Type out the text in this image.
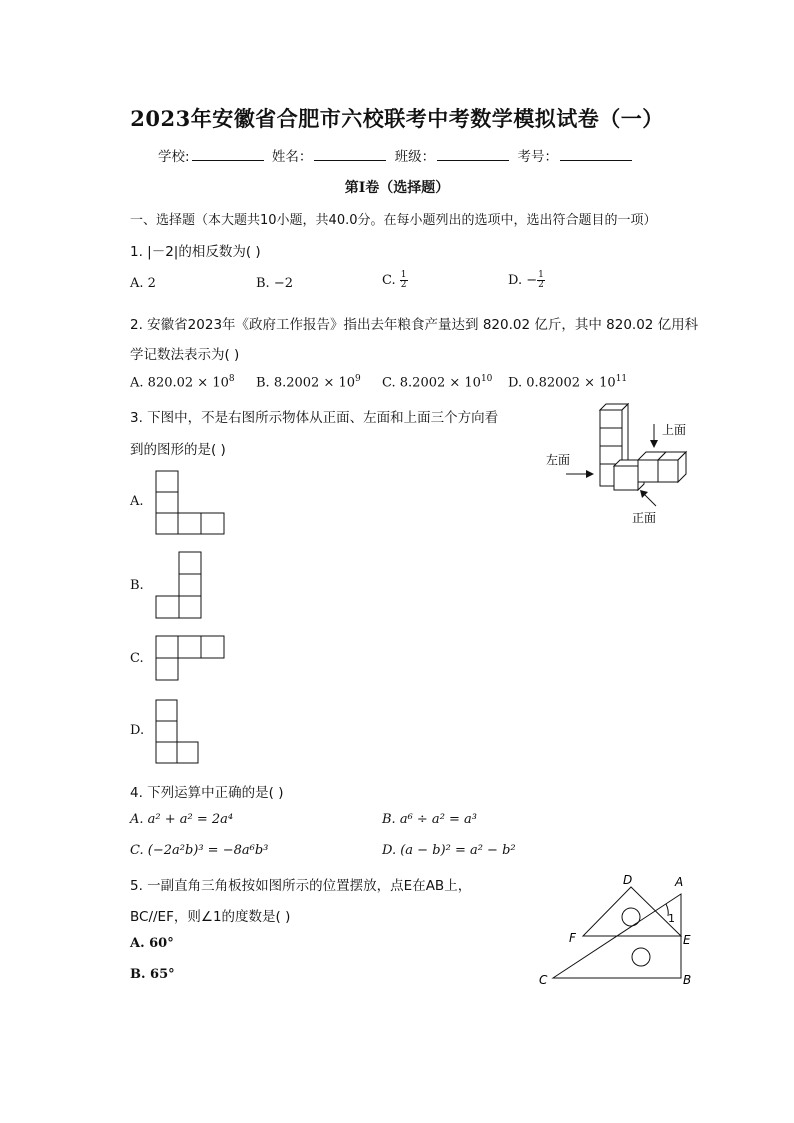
2023年安徽省合肥市六校联考中考数学模拟试卷（一）
学校:	姓名：	班级：	考号：
第I卷（选择题）
一、选择题（本大题共10小题，共40.0分。在每小题列出的选项中，选出符合题目的一项）
1. |－2|的相反数为( )
A. 2	B. −2	C. $\frac{1}{2}$	D. − $\frac{1}{2}$
2. 安徽省2023年《政府工作报告》指出去年粮食产量达到 820.02 亿斤，其中 820.02 亿用科
学记数法表示为( )
A. $820.02 \times 10^8$ B. $8.2002 \times 10^9$ C. $8.2002 \times 10^{10}$ D. $0.82002 \times 10^{11}$
3. 下图中，不是右图所示物体从正面、左面和上面三个方向看
到的图形的是( )
上面
左面
正面
A.
B.
C.
D.
4. 下列运算中正确的是( )
A. a² + a² = 2a⁴	B. a⁶ ÷ a² = a³
C. (−2a²b)³ = −8a⁶b³	D. (a − b)² = a² − b²
5. 一副直角三角板按如图所示的位置摆放，点E在AB上，
BC//EF，则∠1的度数是( )
A. 60°
B. 65°
D	A
1
F	E
C	B
